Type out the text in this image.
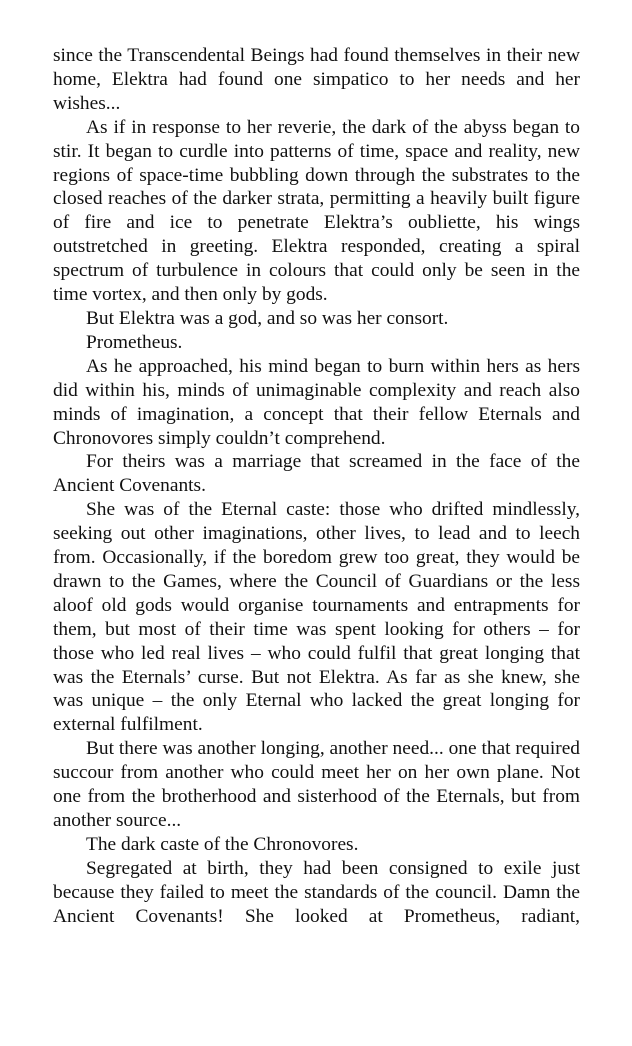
since the Transcendental Beings had found themselves in their new home, Elektra had found one simpatico to her needs and her wishes...

As if in response to her reverie, the dark of the abyss began to stir. It began to curdle into patterns of time, space and reality, new regions of space-time bubbling down through the substrates to the closed reaches of the darker strata, permitting a heavily built figure of fire and ice to penetrate Elektra’s oubliette, his wings outstretched in greeting. Elektra responded, creating a spiral spectrum of turbulence in colours that could only be seen in the time vortex, and then only by gods.

But Elektra was a god, and so was her consort.

Prometheus.

As he approached, his mind began to burn within hers as hers did within his, minds of unimaginable complexity and reach also minds of imagination, a concept that their fellow Eternals and Chronovores simply couldn’t comprehend.

For theirs was a marriage that screamed in the face of the Ancient Covenants.

She was of the Eternal caste: those who drifted mindlessly, seeking out other imaginations, other lives, to lead and to leech from. Occasionally, if the boredom grew too great, they would be drawn to the Games, where the Council of Guardians or the less aloof old gods would organise tournaments and entrapments for them, but most of their time was spent looking for others – for those who led real lives – who could fulfil that great longing that was the Eternals’ curse. But not Elektra. As far as she knew, she was unique – the only Eternal who lacked the great longing for external fulfilment.

But there was another longing, another need... one that required succour from another who could meet her on her own plane. Not one from the brotherhood and sisterhood of the Eternals, but from another source...

The dark caste of the Chronovores.

Segregated at birth, they had been consigned to exile just because they failed to meet the standards of the council. Damn the Ancient Covenants! She looked at Prometheus, radiant,
